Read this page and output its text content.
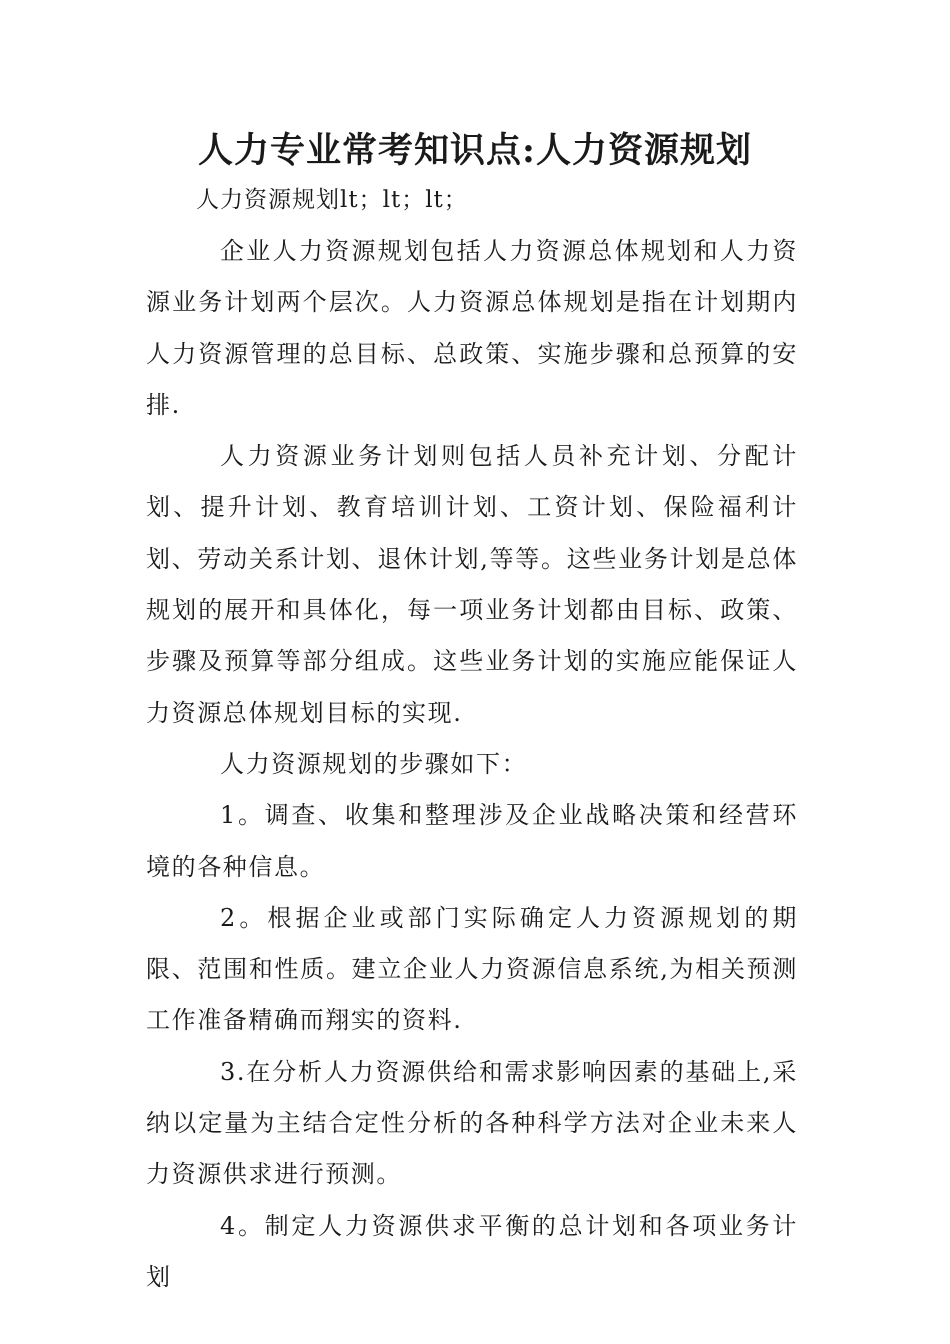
人力专业常考知识点:人力资源规划

人力资源规划lt；lt；lt；

企业人力资源规划包括人力资源总体规划和人力资源业务计划两个层次。人力资源总体规划是指在计划期内人力资源管理的总目标、总政策、实施步骤和总预算的安排.

人力资源业务计划则包括人员补充计划、分配计划、提升计划、教育培训计划、工资计划、保险福利计划、劳动关系计划、退休计划,等等。这些业务计划是总体规划的展开和具体化，每一项业务计划都由目标、政策、步骤及预算等部分组成。这些业务计划的实施应能保证人力资源总体规划目标的实现.

人力资源规划的步骤如下：

1。调查、收集和整理涉及企业战略决策和经营环境的各种信息。

2。根据企业或部门实际确定人力资源规划的期限、范围和性质。建立企业人力资源信息系统,为相关预测工作准备精确而翔实的资料.

3.在分析人力资源供给和需求影响因素的基础上,采纳以定量为主结合定性分析的各种科学方法对企业未来人力资源供求进行预测。

4。制定人力资源供求平衡的总计划和各项业务计划
